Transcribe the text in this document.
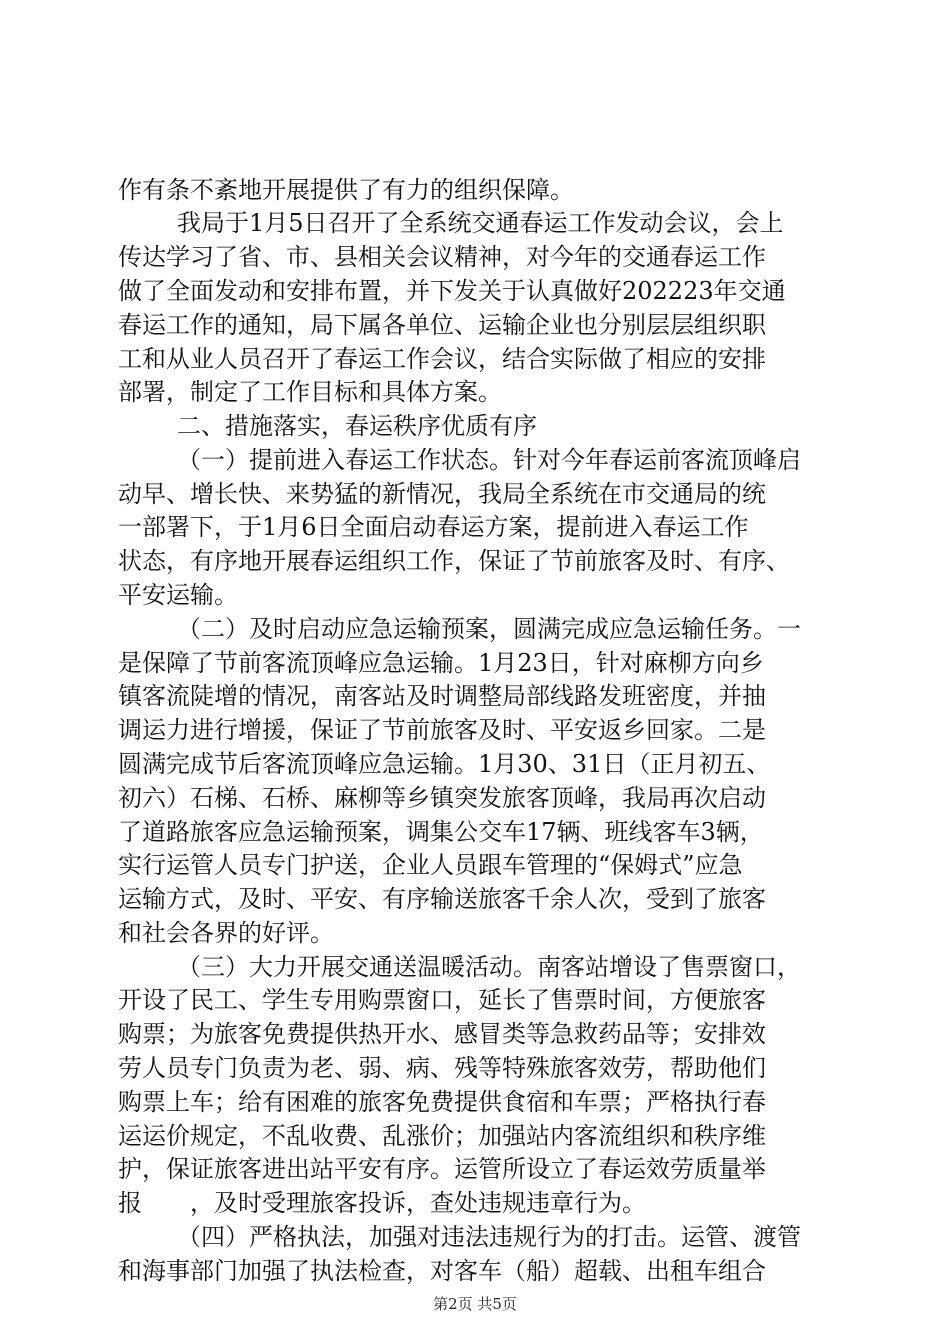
作有条不紊地开展提供了有力的组织保障。
我局于1月5日召开了全系统交通春运工作发动会议，会上
传达学习了省、市、县相关会议精神，对今年的交通春运工作
做了全面发动和安排布置，并下发关于认真做好202223年交通
春运工作的通知，局下属各单位、运输企业也分别层层组织职
工和从业人员召开了春运工作会议，结合实际做了相应的安排
部署，制定了工作目标和具体方案。
二、措施落实，春运秩序优质有序
（一）提前进入春运工作状态。针对今年春运前客流顶峰启
动早、增长快、来势猛的新情况，我局全系统在市交通局的统
一部署下，于1月6日全面启动春运方案，提前进入春运工作
状态，有序地开展春运组织工作，保证了节前旅客及时、有序、
平安运输。
（二）及时启动应急运输预案，圆满完成应急运输任务。一
是保障了节前客流顶峰应急运输。1月23日，针对麻柳方向乡
镇客流陡增的情况，南客站及时调整局部线路发班密度，并抽
调运力进行增援，保证了节前旅客及时、平安返乡回家。二是
圆满完成节后客流顶峰应急运输。1月30、31日（正月初五、
初六）石梯、石桥、麻柳等乡镇突发旅客顶峰，我局再次启动
了道路旅客应急运输预案，调集公交车17辆、班线客车3辆，
实行运管人员专门护送，企业人员跟车管理的“保姆式”应急
运输方式，及时、平安、有序输送旅客千余人次，受到了旅客
和社会各界的好评。
（三）大力开展交通送温暖活动。南客站增设了售票窗口，
开设了民工、学生专用购票窗口，延长了售票时间，方便旅客
购票；为旅客免费提供热开水、感冒类等急救药品等；安排效
劳人员专门负责为老、弱、病、残等特殊旅客效劳，帮助他们
购票上车；给有困难的旅客免费提供食宿和车票；严格执行春
运运价规定，不乱收费、乱涨价；加强站内客流组织和秩序维
护，保证旅客进出站平安有序。运管所设立了春运效劳质量举
报　　，及时受理旅客投诉，查处违规违章行为。
（四）严格执法，加强对违法违规行为的打击。运管、渡管
和海事部门加强了执法检查，对客车（船）超载、出租车组合
第2页 共5页
